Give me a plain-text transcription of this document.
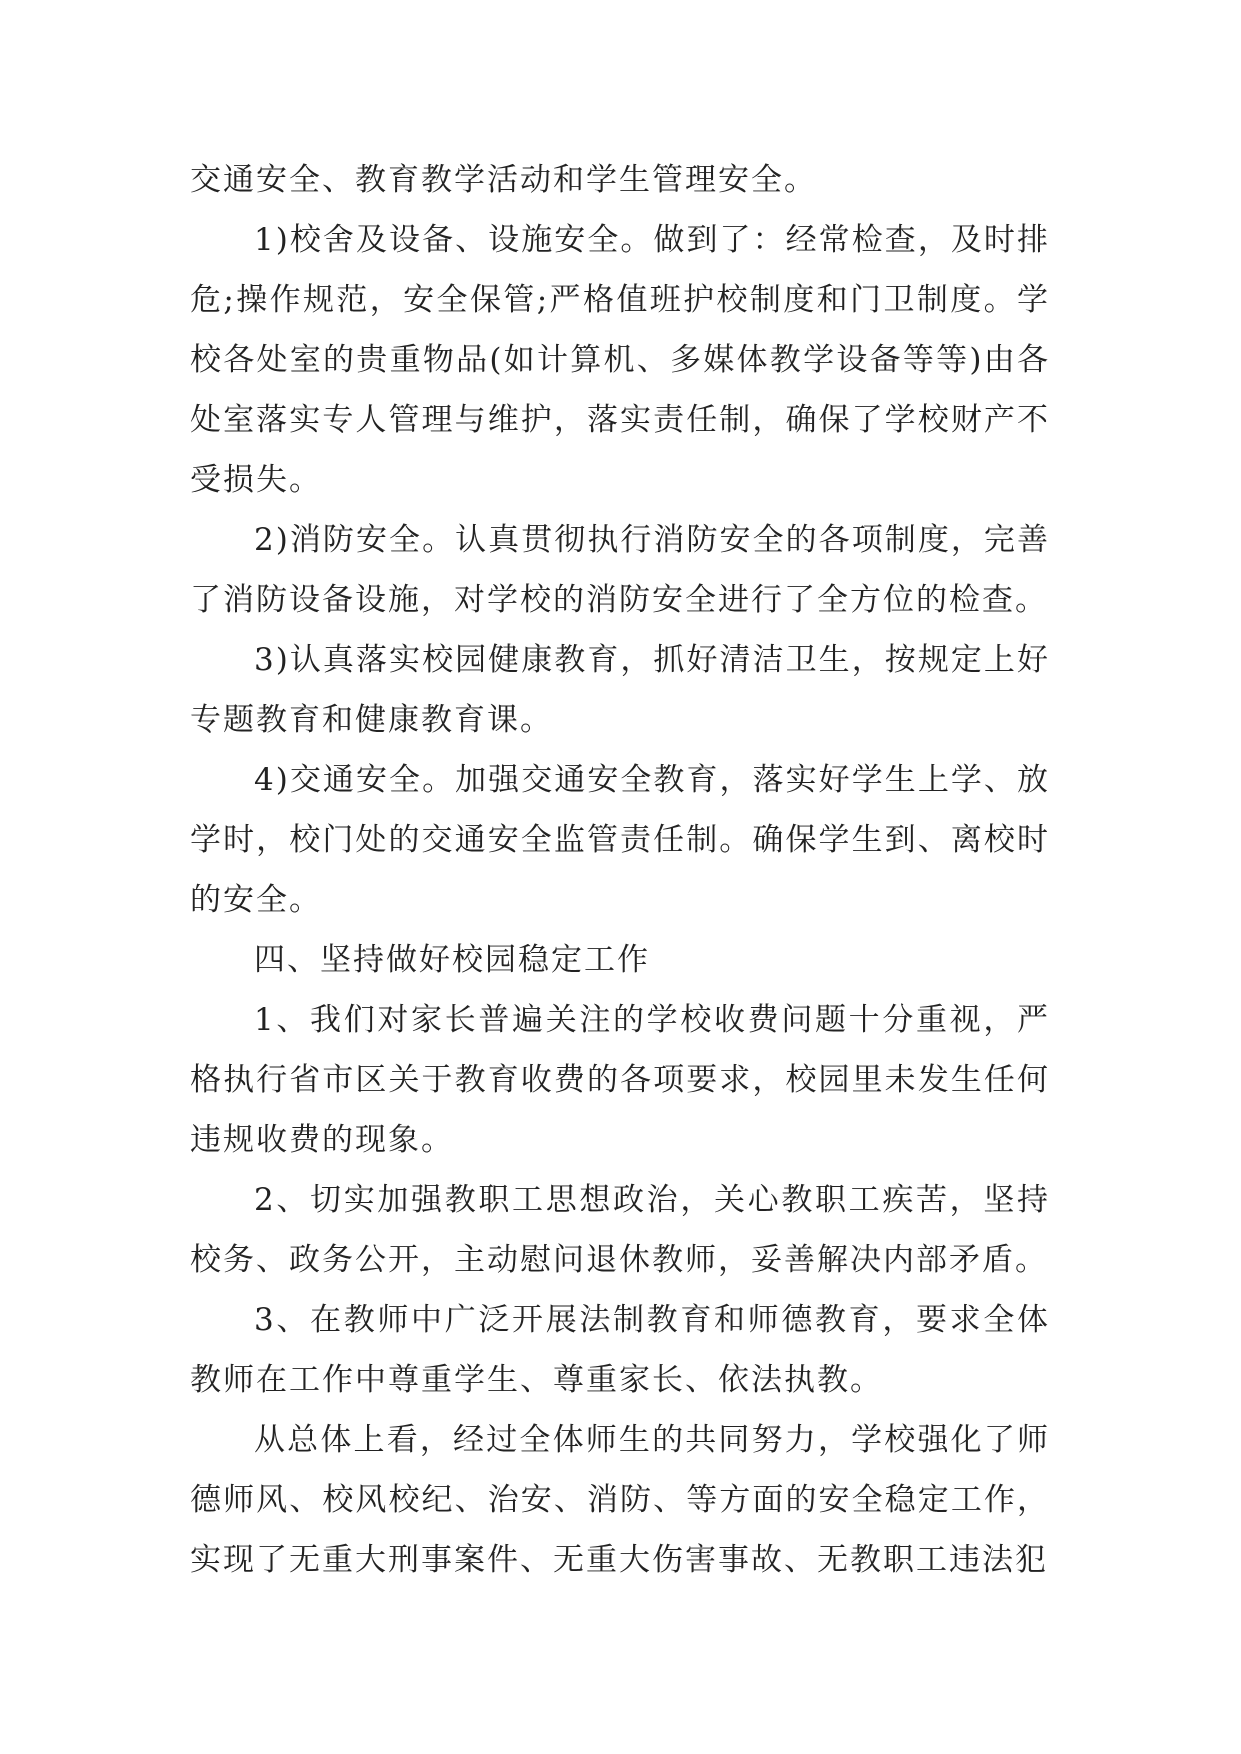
交通安全、教育教学活动和学生管理安全。

1)校舍及设备、设施安全。做到了：经常检查，及时排危;操作规范，安全保管;严格值班护校制度和门卫制度。学校各处室的贵重物品(如计算机、多媒体教学设备等等)由各处室落实专人管理与维护，落实责任制，确保了学校财产不受损失。

2)消防安全。认真贯彻执行消防安全的各项制度，完善了消防设备设施，对学校的消防安全进行了全方位的检查。

3)认真落实校园健康教育，抓好清洁卫生，按规定上好专题教育和健康教育课。

4)交通安全。加强交通安全教育，落实好学生上学、放学时，校门处的交通安全监管责任制。确保学生到、离校时的安全。

四、坚持做好校园稳定工作

1、我们对家长普遍关注的学校收费问题十分重视，严格执行省市区关于教育收费的各项要求，校园里未发生任何违规收费的现象。

2、切实加强教职工思想政治，关心教职工疾苦，坚持校务、政务公开，主动慰问退休教师，妥善解决内部矛盾。

3、在教师中广泛开展法制教育和师德教育，要求全体教师在工作中尊重学生、尊重家长、依法执教。

从总体上看，经过全体师生的共同努力，学校强化了师德师风、校风校纪、治安、消防、等方面的安全稳定工作，实现了无重大刑事案件、无重大伤害事故、无教职工违法犯
